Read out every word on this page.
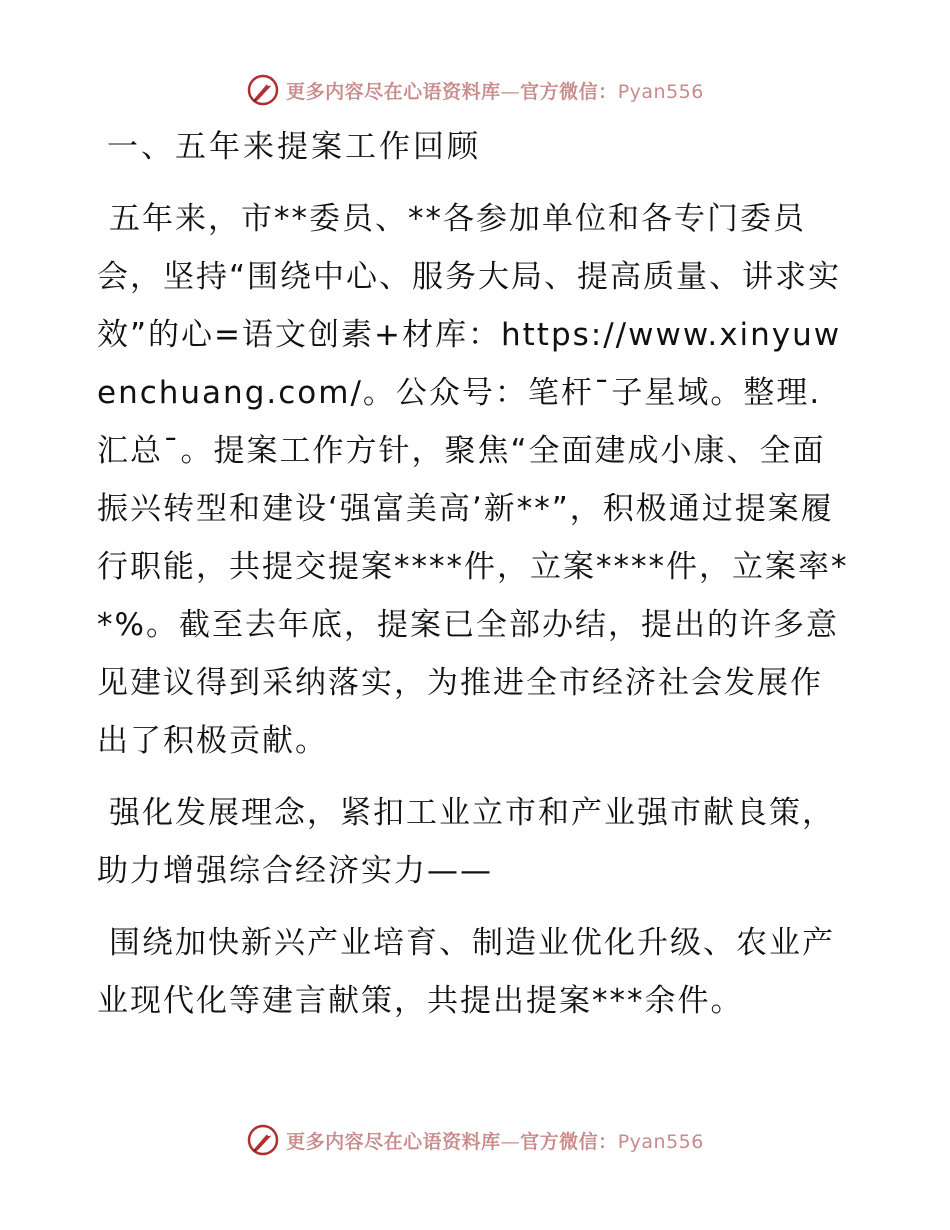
更多内容尽在心语资料库—官方微信：Pyan556
一、五年来提案工作回顾

五年来，市**委员、**各参加单位和各专门委员会，坚持“围绕中心、服务大局、提高质量、讲求实效”的心=语文创素+材库：https://www.xinyuwenchuang.com/。公众号：笔杆¯子星域。整理.汇总¯。提案工作方针，聚焦“全面建成小康、全面振兴转型和建设‘强富美高’新**”，积极通过提案履行职能，共提交提案****件，立案****件，立案率**%。截至去年底，提案已全部办结，提出的许多意见建议得到采纳落实，为推进全市经济社会发展作出了积极贡献。

强化发展理念，紧扣工业立市和产业强市献良策，助力增强综合经济实力——

围绕加快新兴产业培育、制造业优化升级、农业产业现代化等建言献策，共提出提案***余件。

更多内容尽在心语资料库—官方微信：Pyan556
